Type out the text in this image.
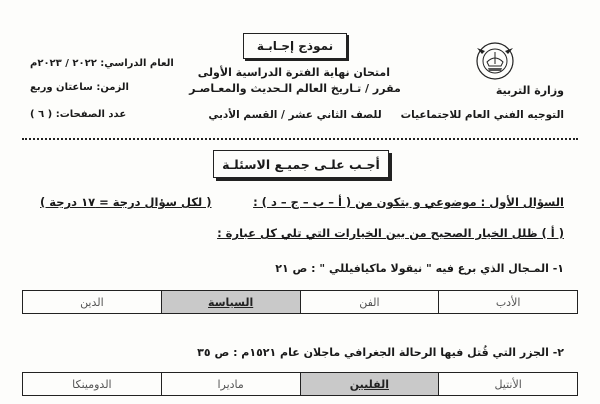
العام الدراسي: ٢٠٢٢ / ٢٠٢٣م
الزمن: ساعتان وربع
عدد الصفحات: ( ٦ )
نموذج إجـابـة
امتحان نهاية الفترة الدراسية الأولى
مقرر / تـاريخ العالم الـحديث والمعـاصـر
للصف الثاني عشر / القسم الأدبي
وزارة التربية
التوجيه الفني العام للاجتماعيات
أجـب علـى جميـع الاسئلـة
السؤال الأول : موضوعي و يتكون من ( أ – ب – ج – د ) :
( لكل سؤال درجة = ١٧ درجة )
( أ ) ظلل الخيار الصحيح من بين الخيارات التي تلي كل عبارة :
١- المـجال الذي برع فيه " نيقولا ماكيافيللي " : ص ٢١
الأدب
الفن
السياسة
الدين
٢- الجزر التي قُتل فيها الرحالة الجغرافي ماجلان عام ١٥٢١م : ص ٣٥
الأنتيل
الفلبين
ماديرا
الدومينكا
